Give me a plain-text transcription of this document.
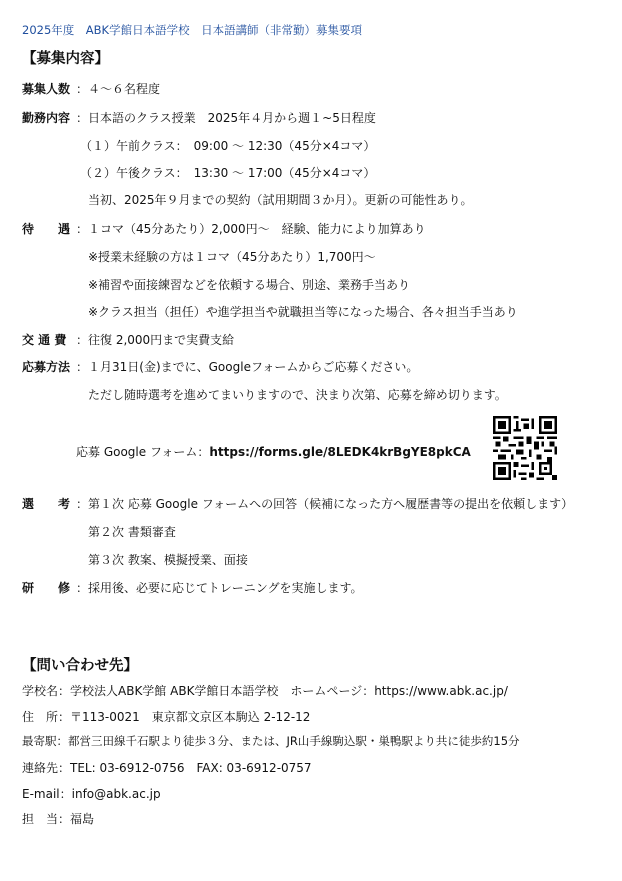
2025年度　ABK学館日本語学校　日本語講師（非常勤）募集要項
【募集内容】
募集人数 ：４～６名程度
勤務内容 ：日本語のクラス授業　2025年４月から週１~5日程度
（１）午前クラス：　09:00 ～ 12:30（45分×4コマ）
（２）午後クラス：　13:30 ～ 17:00（45分×4コマ）
当初、2025年９月までの契約（試用期間３か月）。更新の可能性あり。
待　　遇 ：１コマ（45分あたり）2,000円～　経験、能力により加算あり
※授業未経験の方は１コマ（45分あたり）1,700円～
※補習や面接練習などを依頼する場合、別途、業務手当あり
※クラス担当（担任）や進学担当や就職担当等になった場合、各々担当手当あり
交 通 費 ：往復 2,000円まで実費支給
応募方法 ：１月31日(金)までに、Googleフォームからご応募ください。
ただし随時選考を進めてまいりますので、決まり次第、応募を締め切ります。
応募 Google フォーム：https://forms.gle/8LEDK4krBgYE8pkCA
選　　考 ：第１次 応募 Google フォームへの回答（候補になった方へ履歴書等の提出を依頼します）
第２次 書類審査
第３次 教案、模擬授業、面接
研　　修 ：採用後、必要に応じてトレーニングを実施します。
【問い合わせ先】
学校名：学校法人ABK学館 ABK学館日本語学校　ホームページ：https://www.abk.ac.jp/
住　所：〒113-0021　東京都文京区本駒込 2-12-12
最寄駅：都営三田線千石駅より徒歩３分、または、JR山手線駒込駅・巣鴨駅より共に徒歩約15分
連絡先：TEL: 03-6912-0756　FAX: 03-6912-0757
E-mail：info@abk.ac.jp
担　当：福島
